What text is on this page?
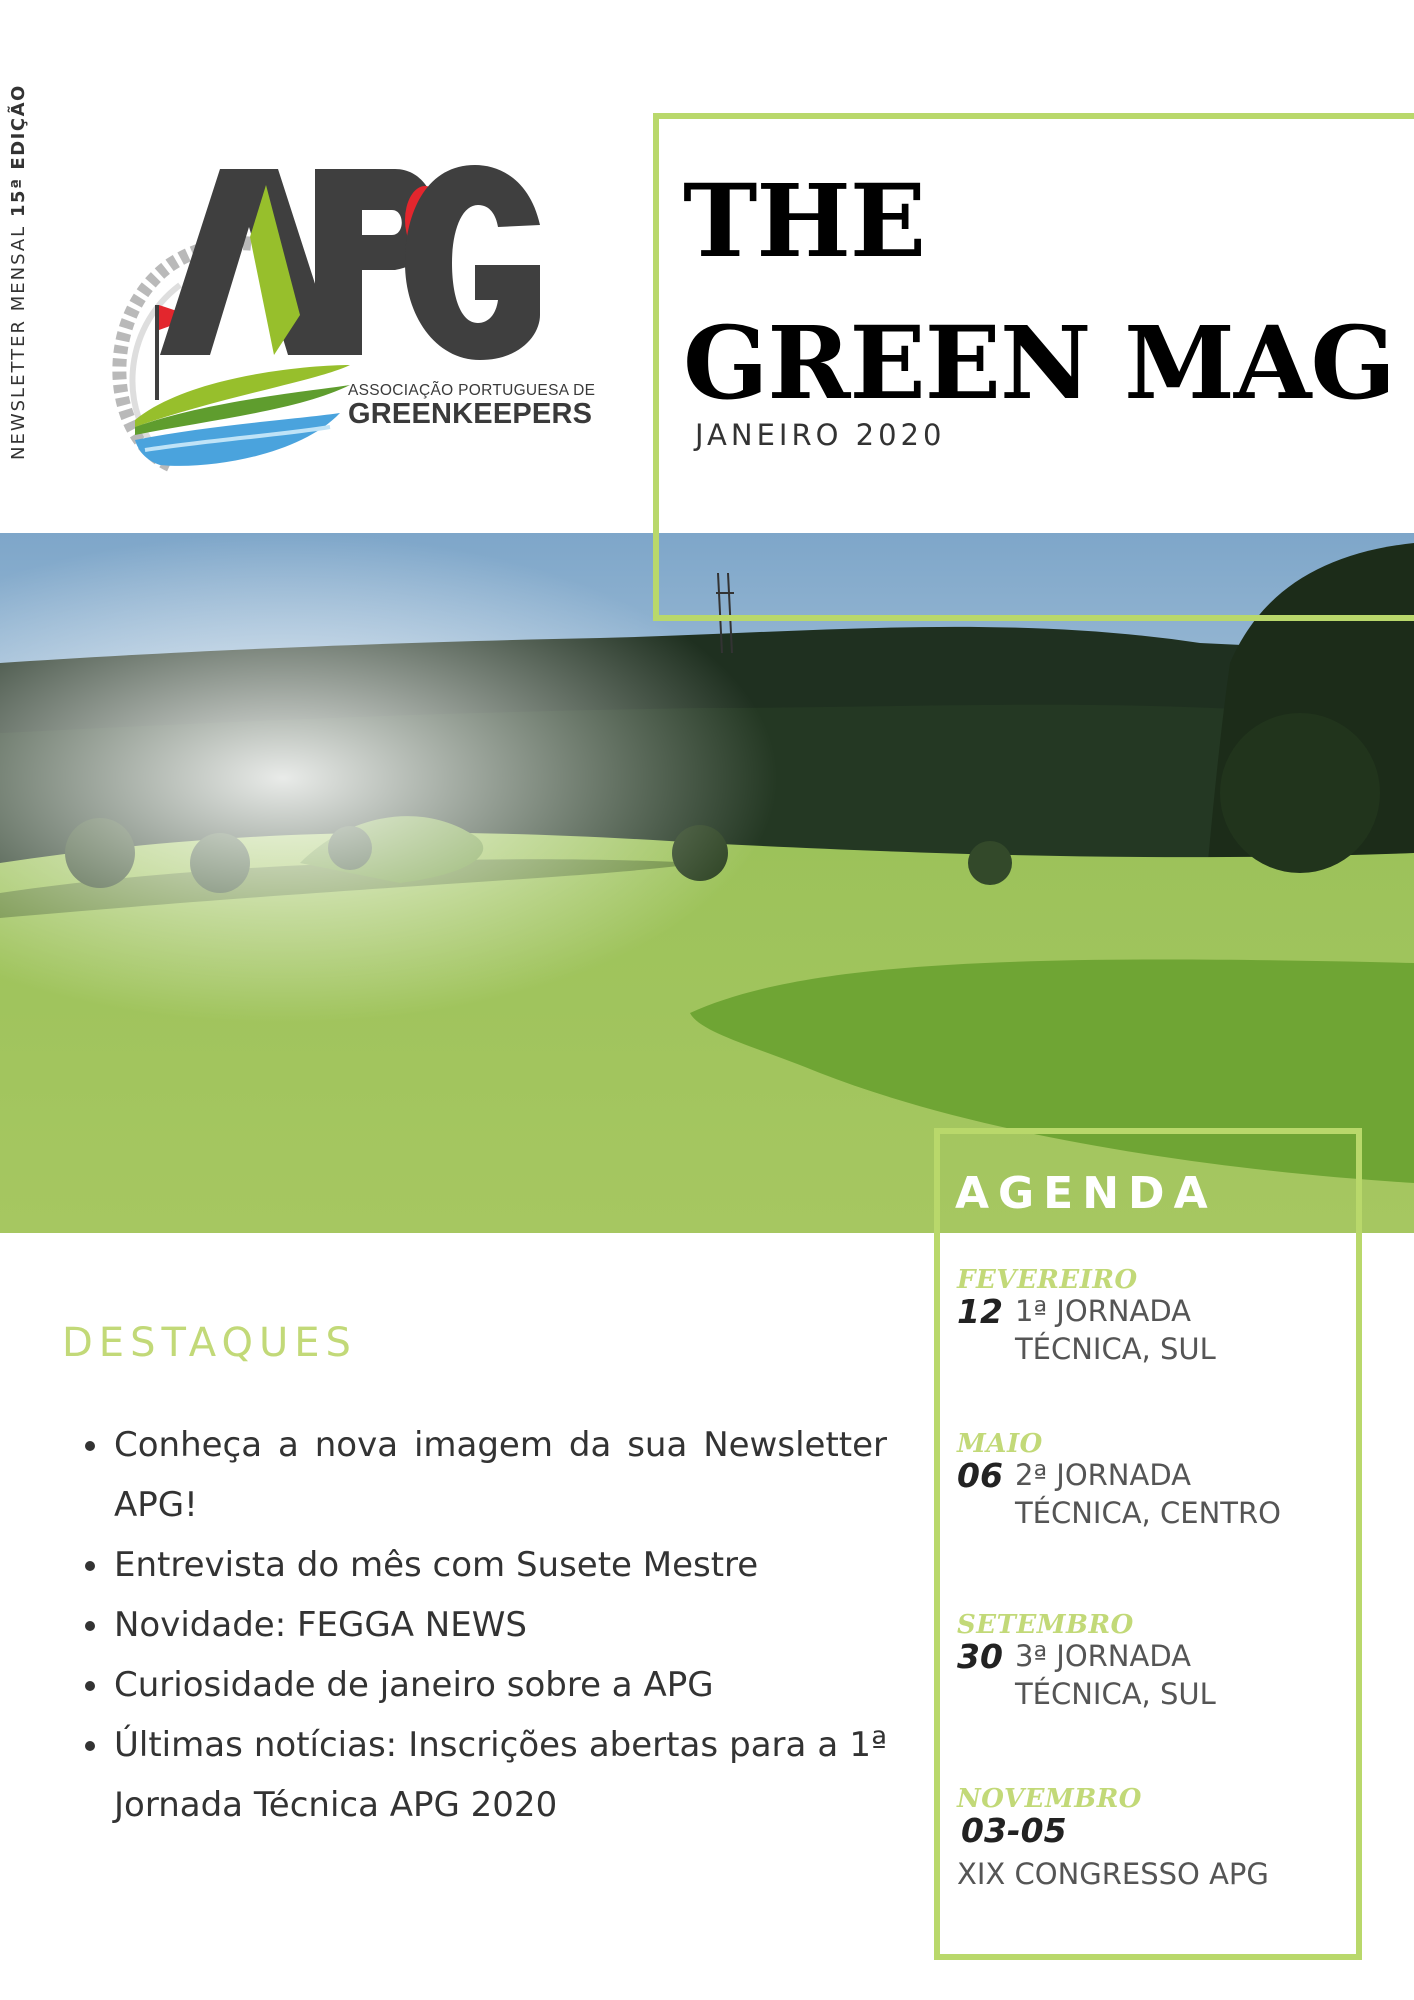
NEWSLETTER MENSAL 15ª EDIÇÃO
ASSOCIAÇÃO PORTUGUESA DE
GREENKEEPERS
THE
GREEN MAG
JANEIRO 2020
DESTAQUES
• Conheça a nova imagem da sua Newsletter APG!
• Entrevista do mês com Susete Mestre
• Novidade: FEGGA NEWS
• Curiosidade de janeiro sobre a APG
• Últimas notícias: Inscrições abertas para a 1ª Jornada Técnica APG 2020
AGENDA
FEVEREIRO
12 1ª JORNADA
TÉCNICA, SUL
MAIO
06 2ª JORNADA
TÉCNICA, CENTRO
SETEMBRO
30 3ª JORNADA
TÉCNICA, SUL
NOVEMBRO
03-05
XIX CONGRESSO APG
